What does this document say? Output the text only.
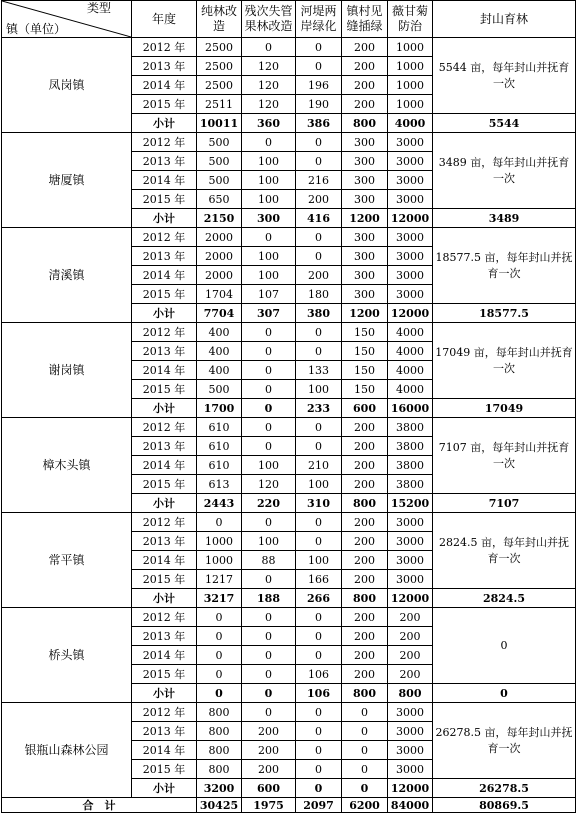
类型
镇（单位）	年度	纯林改造	残次失管果林改造	河堤两岸绿化	镇村见缝插绿	薇甘菊防治	封山育林
凤岗镇	2012 年	2500	0	0	200	1000	5544 亩，每年封山并抚育一次
	2013 年	2500	120	0	200	1000	
	2014 年	2500	120	196	200	1000	
	2015 年	2511	120	190	200	1000	
	小计	10011	360	386	800	4000	5544
塘厦镇	2012 年	500	0	0	300	3000	3489 亩，每年封山并抚育一次
	2013 年	500	100	0	300	3000	
	2014 年	500	100	216	300	3000	
	2015 年	650	100	200	300	3000	
	小计	2150	300	416	1200	12000	3489
清溪镇	2012 年	2000	0	0	300	3000	18577.5 亩，每年封山并抚育一次
	2013 年	2000	100	0	300	3000	
	2014 年	2000	100	200	300	3000	
	2015 年	1704	107	180	300	3000	
	小计	7704	307	380	1200	12000	18577.5
谢岗镇	2012 年	400	0	0	150	4000	17049 亩，每年封山并抚育一次
	2013 年	400	0	0	150	4000	
	2014 年	400	0	133	150	4000	
	2015 年	500	0	100	150	4000	
	小计	1700	0	233	600	16000	17049
樟木头镇	2012 年	610	0	0	200	3800	7107 亩，每年封山并抚育一次
	2013 年	610	0	0	200	3800	
	2014 年	610	100	210	200	3800	
	2015 年	613	120	100	200	3800	
	小计	2443	220	310	800	15200	7107
常平镇	2012 年	0	0	0	200	3000	2824.5 亩，每年封山并抚育一次
	2013 年	1000	100	0	200	3000	
	2014 年	1000	88	100	200	3000	
	2015 年	1217	0	166	200	3000	
	小计	3217	188	266	800	12000	2824.5
桥头镇	2012 年	0	0	0	200	200	0
	2013 年	0	0	0	200	200	
	2014 年	0	0	0	200	200	
	2015 年	0	0	106	200	200	
	小计	0	0	106	800	800	0
银瓶山森林公园	2012 年	800	0	0	0	3000	26278.5 亩，每年封山并抚育一次
	2013 年	800	200	0	0	3000	
	2014 年	800	200	0	0	3000	
	2015 年	800	200	0	0	3000	
	小计	3200	600	0	0	12000	26278.5
合　计		30425	1975	2097	6200	84000	80869.5
